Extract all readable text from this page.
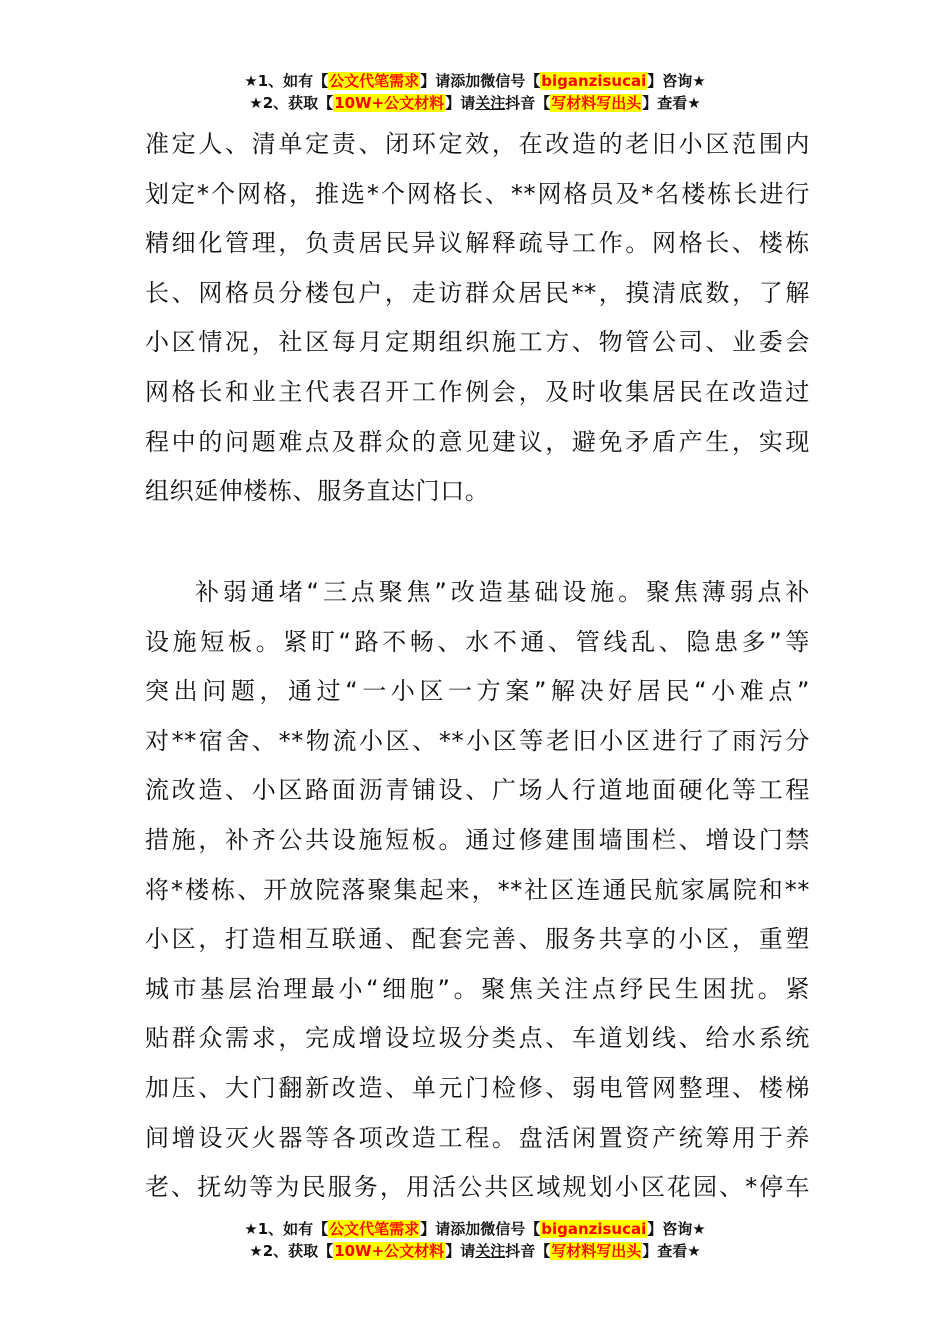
★1、如有【公文代笔需求】请添加微信号【biganzisucai】咨询★
★2、获取【10W+公文材料】请关注抖音【写材料写出头】查看★
准定人、清单定责、闭环定效，在改造的老旧小区范围内
划定*个网格，推选*个网格长、**网格员及*名楼栋长进行
精细化管理，负责居民异议解释疏导工作。网格长、楼栋
长、网格员分楼包户，走访群众居民**，摸清底数，了解
小区情况，社区每月定期组织施工方、物管公司、业委会
网格长和业主代表召开工作例会，及时收集居民在改造过
程中的问题难点及群众的意见建议，避免矛盾产生，实现
组织延伸楼栋、服务直达门口。
补弱通堵“三点聚焦”改造基础设施。聚焦薄弱点补
设施短板。紧盯“路不畅、水不通、管线乱、隐患多”等
突出问题，通过“一小区一方案”解决好居民“小难点”
对**宿舍、**物流小区、**小区等老旧小区进行了雨污分
流改造、小区路面沥青铺设、广场人行道地面硬化等工程
措施，补齐公共设施短板。通过修建围墙围栏、增设门禁
将*楼栋、开放院落聚集起来，**社区连通民航家属院和**
小区，打造相互联通、配套完善、服务共享的小区，重塑
城市基层治理最小“细胞”。聚焦关注点纾民生困扰。紧
贴群众需求，完成增设垃圾分类点、车道划线、给水系统
加压、大门翻新改造、单元门检修、弱电管网整理、楼梯
间增设灭火器等各项改造工程。盘活闲置资产统筹用于养
老、抚幼等为民服务，用活公共区域规划小区花园、*停车
★1、如有【公文代笔需求】请添加微信号【biganzisucai】咨询★
★2、获取【10W+公文材料】请关注抖音【写材料写出头】查看★
